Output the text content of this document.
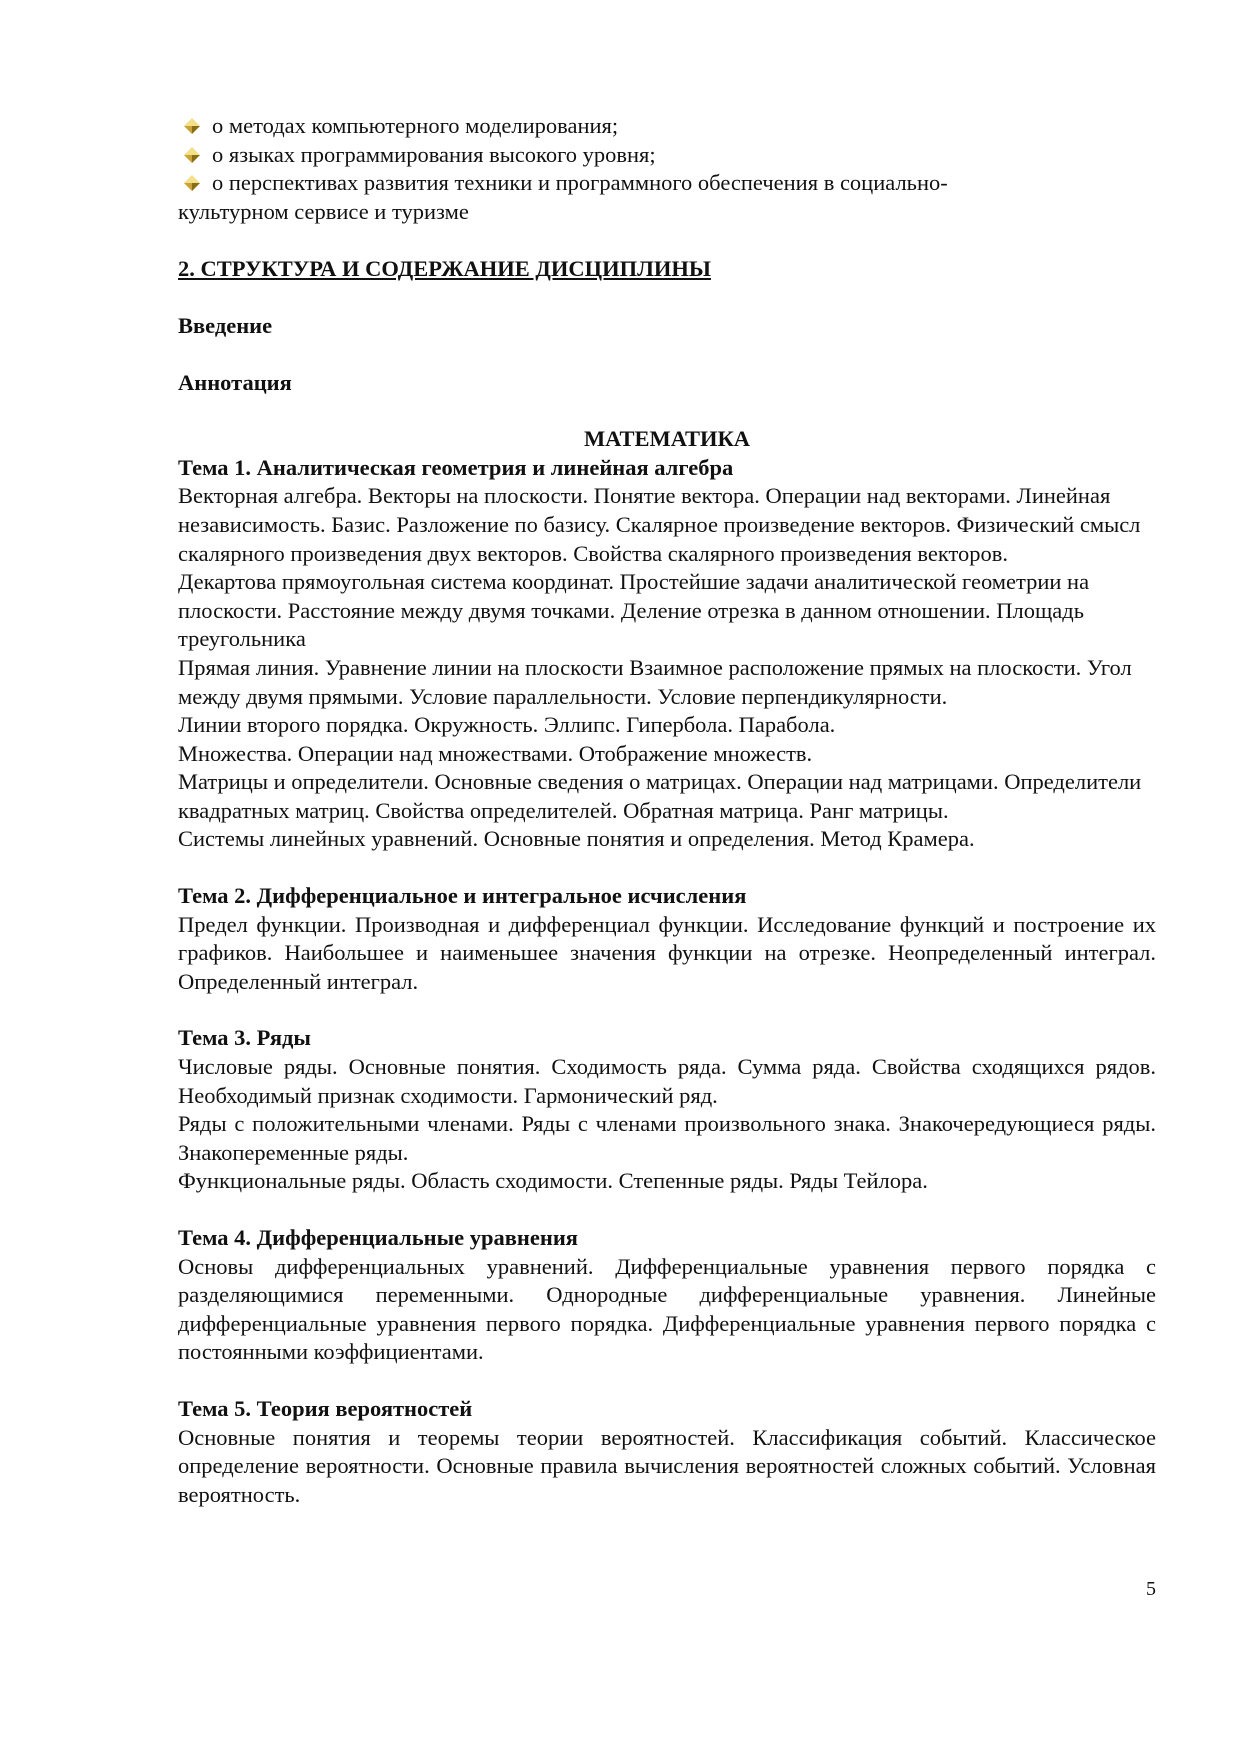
о методах компьютерного моделирования;
о языках программирования высокого уровня;
о перспективах развития техники и программного обеспечения в социально-
культурном сервисе и туризме
2. СТРУКТУРА И СОДЕРЖАНИЕ ДИСЦИПЛИНЫ
Введение
Аннотация
МАТЕМАТИКА
Тема 1. Аналитическая геометрия и линейная алгебра

Векторная алгебра. Векторы на плоскости. Понятие вектора. Операции над векторами. Линейная независимость. Базис. Разложение по базису. Скалярное произведение векторов. Физический смысл скалярного произведения двух векторов. Свойства скалярного произведения векторов.

Декартова прямоугольная система координат. Простейшие задачи аналитической геометрии на плоскости. Расстояние между двумя точками. Деление отрезка в данном отношении. Площадь треугольника

Прямая линия. Уравнение линии на плоскости Взаимное расположение прямых на плоскости. Угол между двумя прямыми. Условие параллельности. Условие перпендикулярности.

Линии второго порядка. Окружность. Эллипс. Гипербола. Парабола.

Множества. Операции над множествами. Отображение множеств.

Матрицы и определители. Основные сведения о матрицах. Операции над матрицами. Определители квадратных матриц. Свойства определителей. Обратная матрица. Ранг матрицы.

Системы линейных уравнений. Основные понятия и определения. Метод Крамера.

Тема 2. Дифференциальное и интегральное исчисления

Предел функции. Производная и дифференциал функции. Исследование функций и построение их графиков. Наибольшее и наименьшее значения функции на отрезке. Неопределенный интеграл. Определенный интеграл.

Тема 3. Ряды

Числовые ряды. Основные понятия. Сходимость ряда. Сумма ряда. Свойства сходящихся рядов. Необходимый признак сходимости. Гармонический ряд.

Ряды с положительными членами. Ряды с членами произвольного знака. Знакочередующиеся ряды. Знакопеременные ряды.

Функциональные ряды. Область сходимости. Степенные ряды. Ряды Тейлора.

Тема 4. Дифференциальные уравнения

Основы дифференциальных уравнений. Дифференциальные уравнения первого порядка с разделяющимися переменными. Однородные дифференциальные уравнения. Линейные дифференциальные уравнения первого порядка. Дифференциальные уравнения первого порядка с постоянными коэффициентами.

Тема 5. Теория вероятностей

Основные понятия и теоремы теории вероятностей. Классификация событий. Классическое определение вероятности. Основные правила вычисления вероятностей сложных событий. Условная вероятность.

5
